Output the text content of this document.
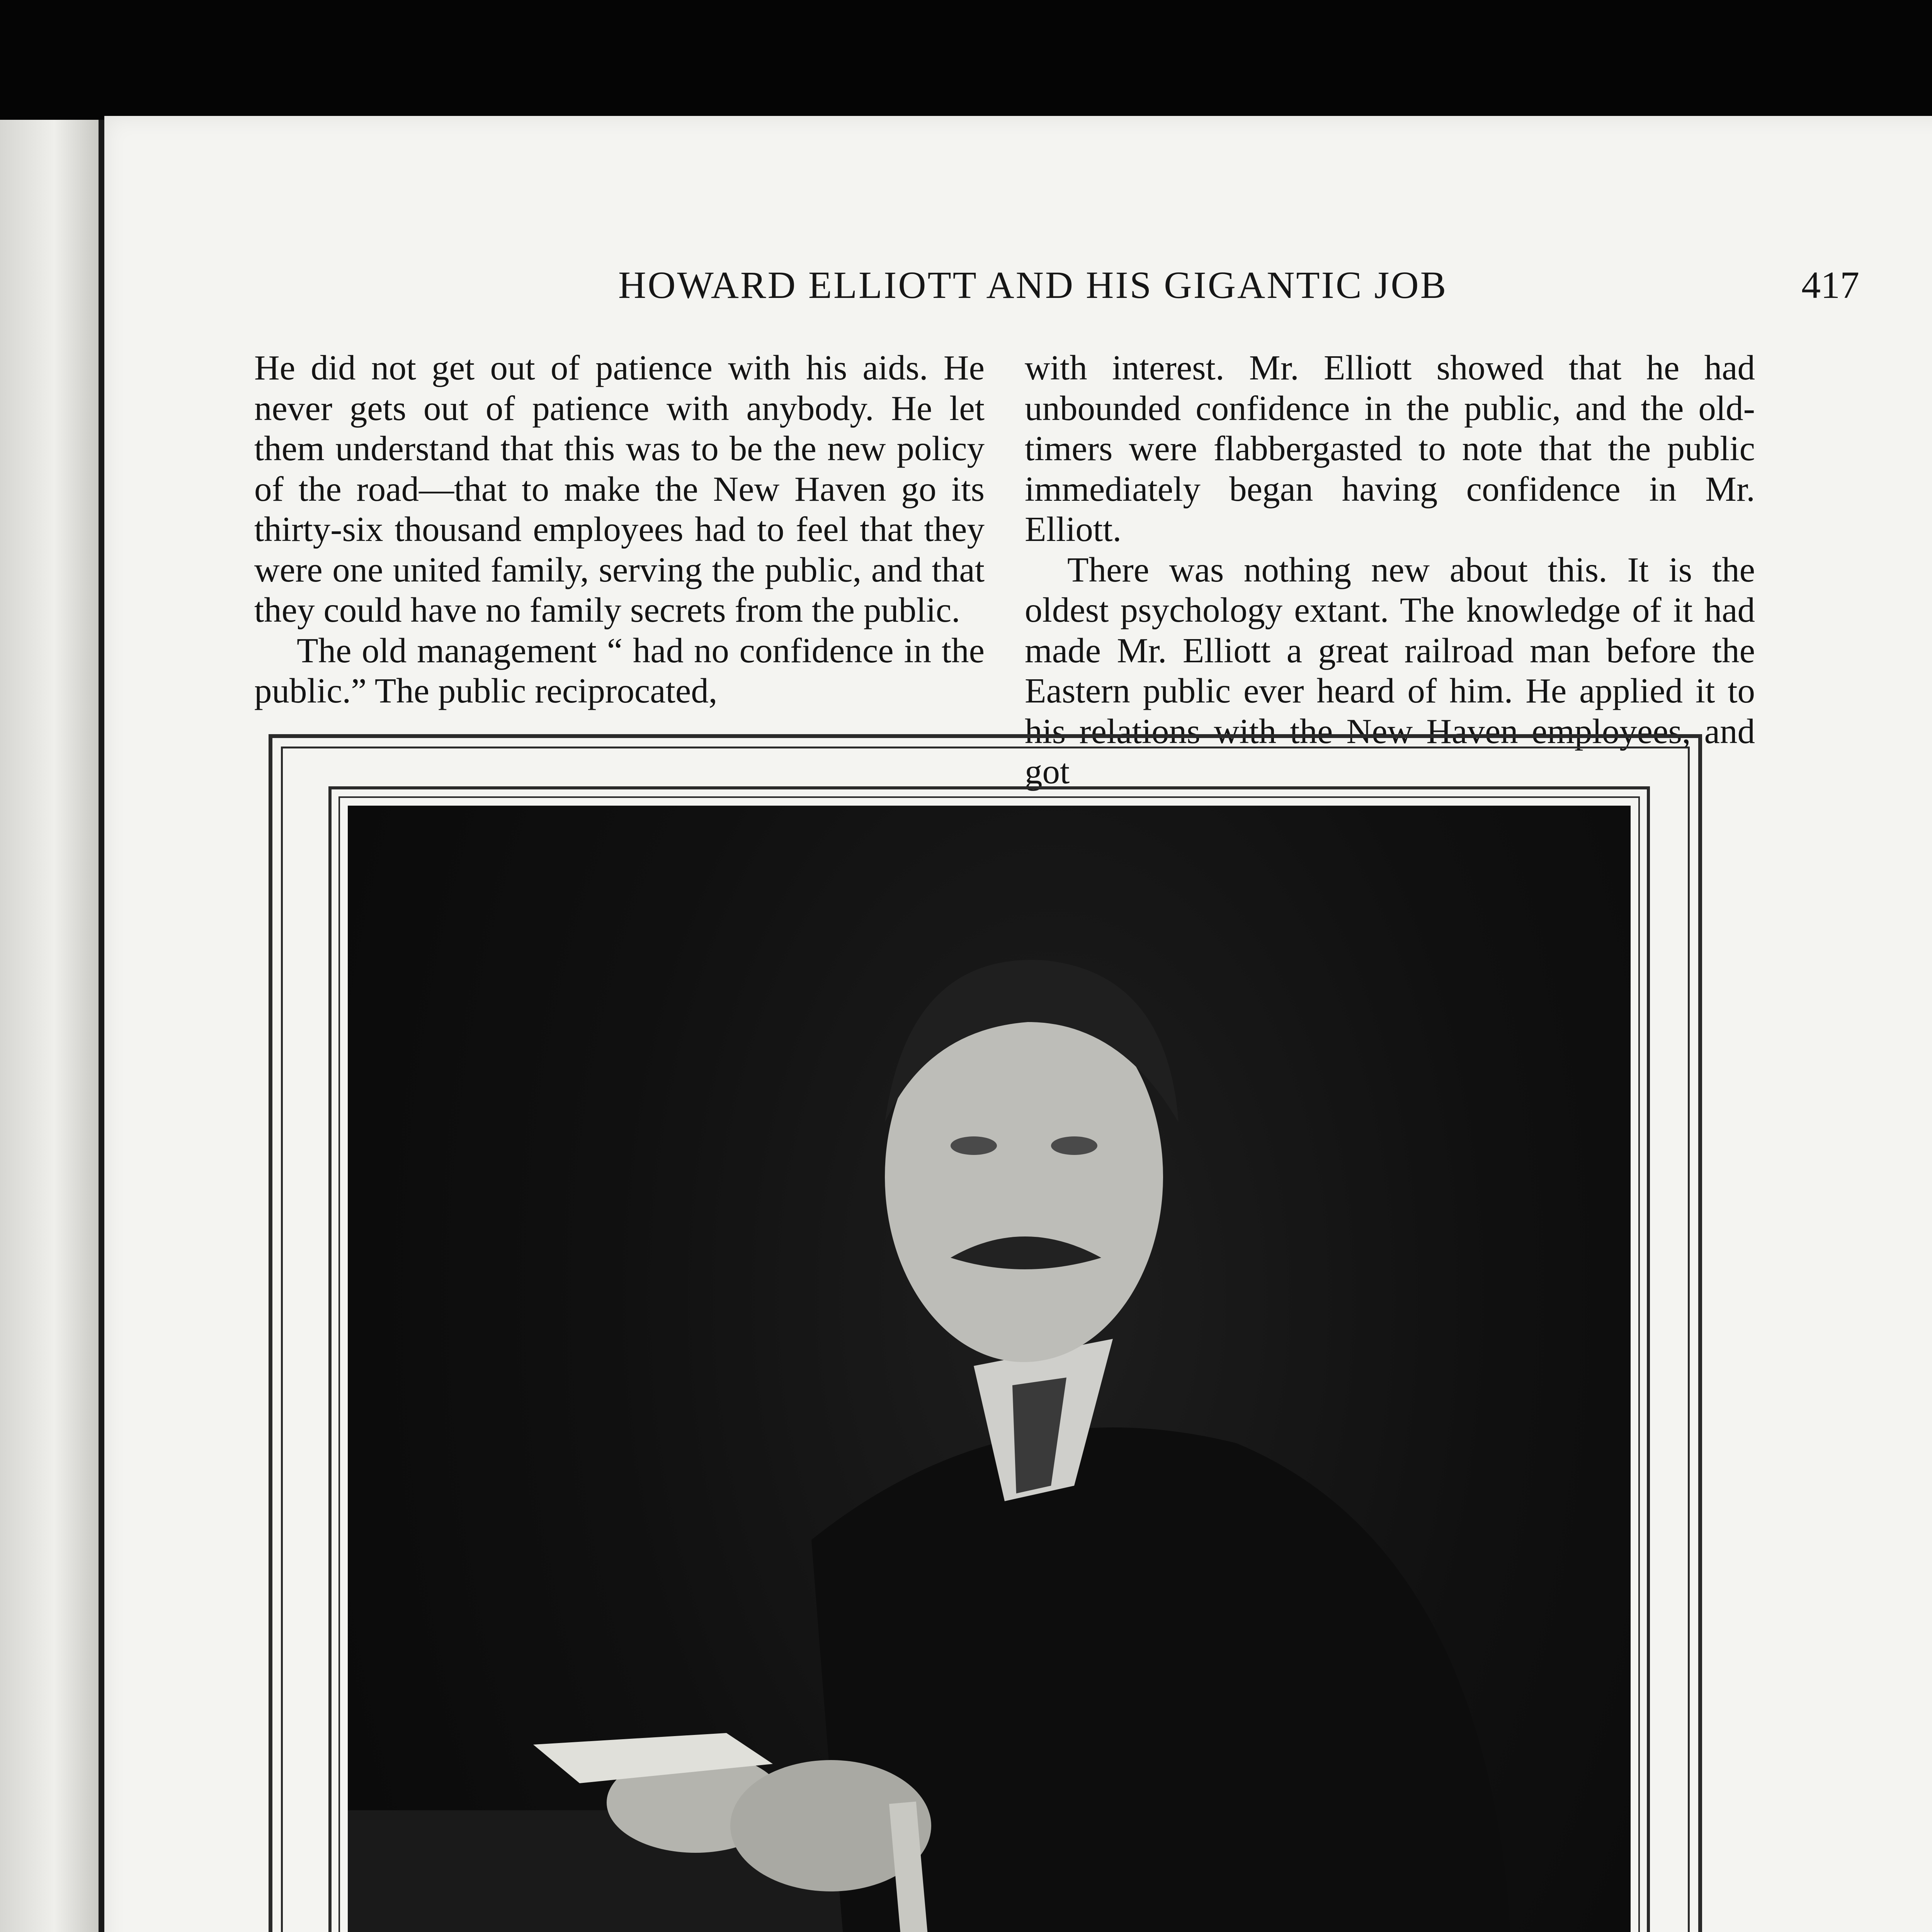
HOWARD ELLIOTT AND HIS GIGANTIC JOB	417

He did not get out of patience with his aids. He never gets out of patience with anybody. He let them understand that this was to be the new policy of the road—that to make the New Haven go its thirty-six thousand employees had to feel that they were one united family, serving the public, and that they could have no family secrets from the public.

The old management “ had no confidence in the public.” The public reciprocated,

with interest. Mr. Elliott showed that he had unbounded confidence in the public, and the old-timers were flabbergasted to note that the public immediately began having confidence in Mr. Elliott.

There was nothing new about this. It is the oldest psychology extant. The knowledge of it had made Mr. Elliott a great railroad man before the Eastern public ever heard of him. He applied it to his relations with the New Haven employees, and got
